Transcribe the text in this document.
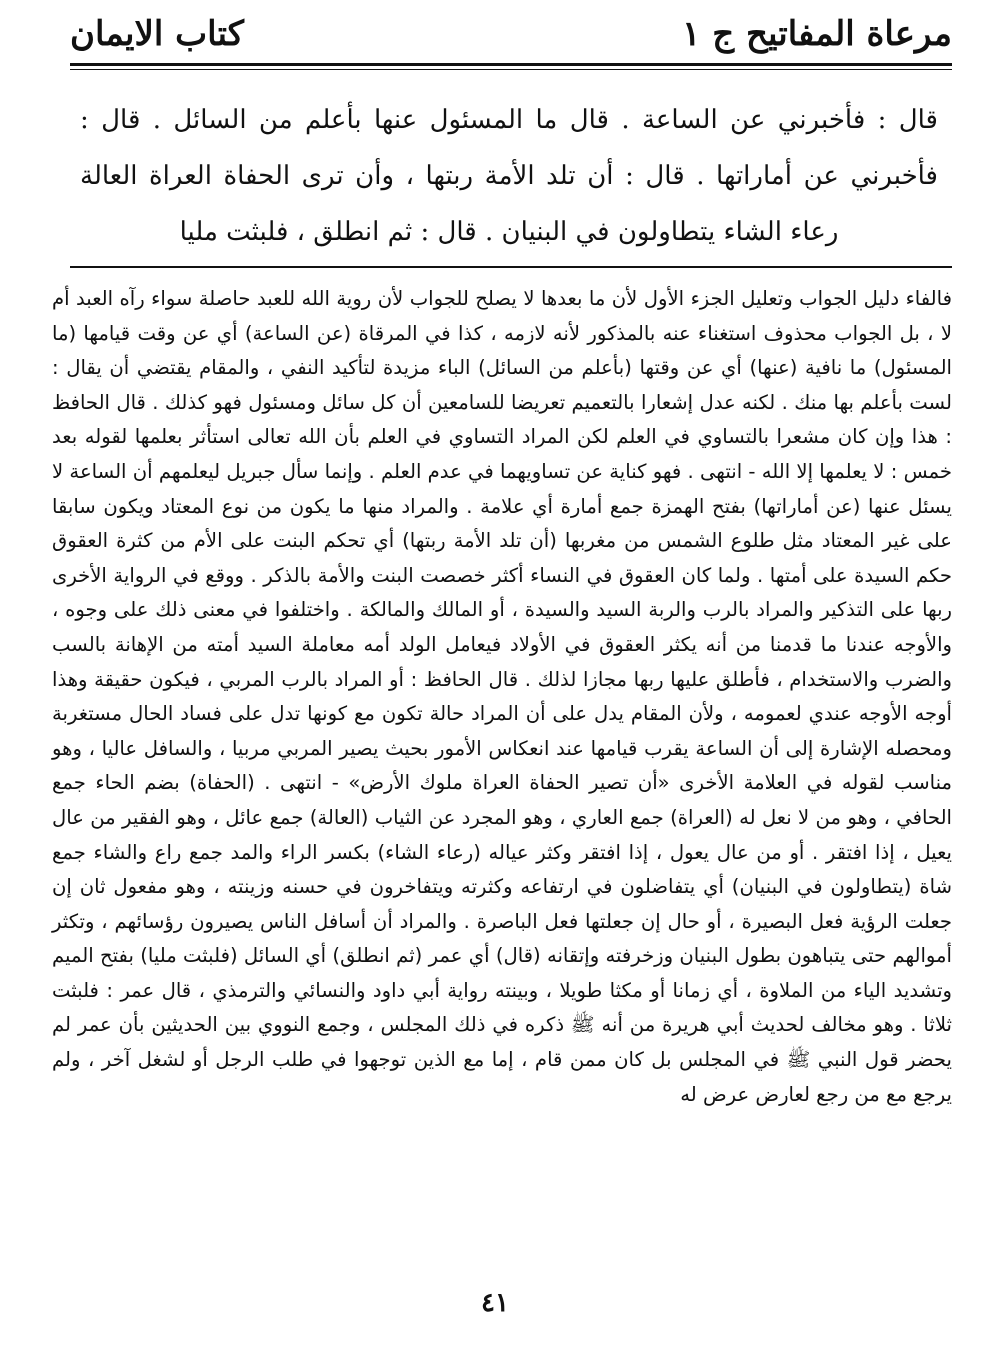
مرعاة المفاتيح ج ١
كتاب الايمان
قال : فأخبرني عن الساعة . قال ما المسئول عنها بأعلم من السائل . قال : فأخبرني عن أماراتها . قال : أن تلد الأمة ربتها ، وأن ترى الحفاة العراة العالة رعاء الشاء يتطاولون في البنيان . قال : ثم انطلق ، فلبثت مليا

فالفاء دليل الجواب وتعليل الجزء الأول لأن ما بعدها لا يصلح للجواب لأن روية الله للعبد حاصلة سواء رآه العبد أم لا ، بل الجواب محذوف استغناء عنه بالمذكور لأنه لازمه ، كذا في المرقاة (عن الساعة) أي عن وقت قيامها (ما المسئول) ما نافية (عنها) أي عن وقتها (بأعلم من السائل) الباء مزيدة لتأكيد النفي ، والمقام يقتضي أن يقال : لست بأعلم بها منك . لكنه عدل إشعارا بالتعميم تعريضا للسامعين أن كل سائل ومسئول فهو كذلك . قال الحافظ : هذا وإن كان مشعرا بالتساوي في العلم لكن المراد التساوي في العلم بأن الله تعالى استأثر بعلمها لقوله بعد خمس : لا يعلمها إلا الله - انتهى . فهو كناية عن تساويهما في عدم العلم . وإنما سأل جبريل ليعلمهم أن الساعة لا يسئل عنها (عن أماراتها) بفتح الهمزة جمع أمارة أي علامة . والمراد منها ما يكون من نوع المعتاد ويكون سابقا على غير المعتاد مثل طلوع الشمس من مغربها (أن تلد الأمة ربتها) أي تحكم البنت على الأم من كثرة العقوق حكم السيدة على أمتها . ولما كان العقوق في النساء أكثر خصصت البنت والأمة بالذكر . ووقع في الرواية الأخرى ربها على التذكير والمراد بالرب والربة السيد والسيدة ، أو المالك والمالكة . واختلفوا في معنى ذلك على وجوه ، والأوجه عندنا ما قدمنا من أنه يكثر العقوق في الأولاد فيعامل الولد أمه معاملة السيد أمته من الإهانة بالسب والضرب والاستخدام ، فأطلق عليها ربها مجازا لذلك . قال الحافظ : أو المراد بالرب المربي ، فيكون حقيقة وهذا أوجه الأوجه عندي لعمومه ، ولأن المقام يدل على أن المراد حالة تكون مع كونها تدل على فساد الحال مستغربة ومحصله الإشارة إلى أن الساعة يقرب قيامها عند انعكاس الأمور بحيث يصير المربي مربيا ، والسافل عاليا ، وهو مناسب لقوله في العلامة الأخرى «أن تصير الحفاة العراة ملوك الأرض» - انتهى . (الحفاة) بضم الحاء جمع الحافي ، وهو من لا نعل له (العراة) جمع العاري ، وهو المجرد عن الثياب (العالة) جمع عائل ، وهو الفقير من عال يعيل ، إذا افتقر . أو من عال يعول ، إذا افتقر وكثر عياله (رعاء الشاء) بكسر الراء والمد جمع راع والشاء جمع شاة (يتطاولون في البنيان) أي يتفاضلون في ارتفاعه وكثرته ويتفاخرون في حسنه وزينته ، وهو مفعول ثان إن جعلت الرؤية فعل البصيرة ، أو حال إن جعلتها فعل الباصرة . والمراد أن أسافل الناس يصيرون رؤسائهم ، وتكثر أموالهم حتى يتباهون بطول البنيان وزخرفته وإتقانه (قال) أي عمر (ثم انطلق) أي السائل (فلبثت مليا) بفتح الميم وتشديد الياء من الملاوة ، أي زمانا أو مكثا طويلا ، وبينته رواية أبي داود والنسائي والترمذي ، قال عمر : فلبثت ثلاثا . وهو مخالف لحديث أبي هريرة من أنه ﷺ ذكره في ذلك المجلس ، وجمع النووي بين الحديثين بأن عمر لم يحضر قول النبي ﷺ في المجلس بل كان ممن قام ، إما مع الذين توجهوا في طلب الرجل أو لشغل آخر ، ولم يرجع مع من رجع لعارض عرض له

٤١
